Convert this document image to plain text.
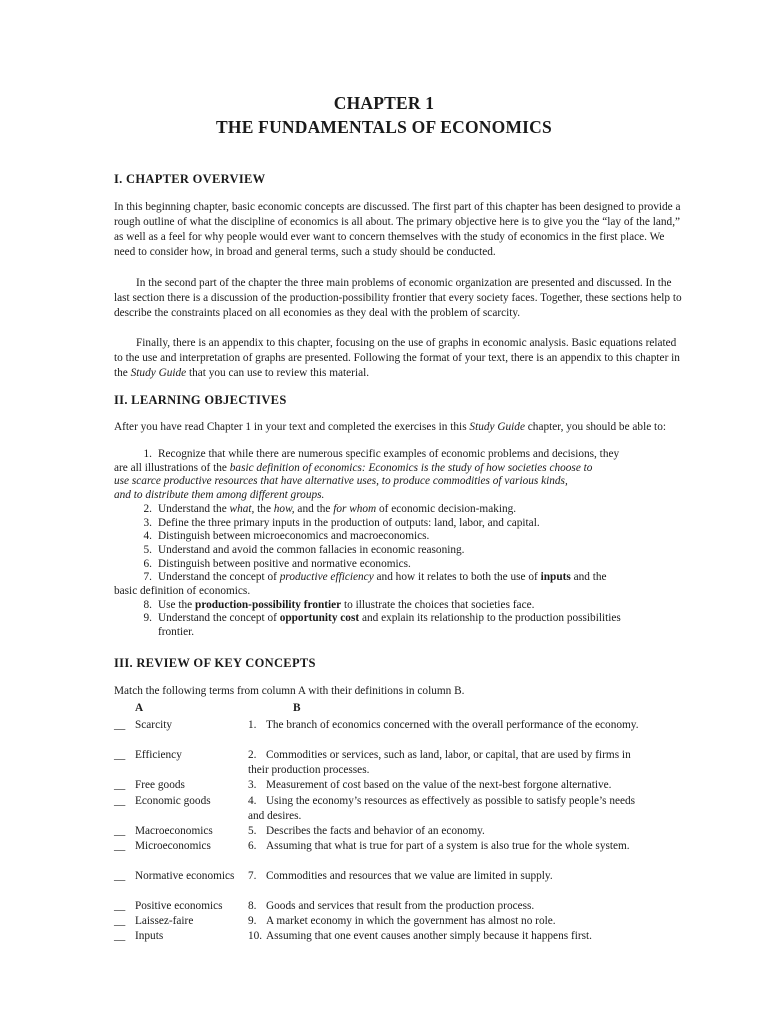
CHAPTER 1
THE FUNDAMENTALS OF ECONOMICS
I. CHAPTER OVERVIEW

In this beginning chapter, basic economic concepts are discussed. The first part of this chapter has been designed to provide a rough outline of what the discipline of economics is all about. The primary objective here is to give you the “lay of the land,” as well as a feel for why people would ever want to concern themselves with the study of economics in the first place. We need to consider how, in broad and general terms, such a study should be conducted.

In the second part of the chapter the three main problems of economic organization are presented and discussed. In the last section there is a discussion of the production-possibility frontier that every society faces. Together, these sections help to describe the constraints placed on all economies as they deal with the problem of scarcity.

Finally, there is an appendix to this chapter, focusing on the use of graphs in economic analysis. Basic equations related to the use and interpretation of graphs are presented. Following the format of your text, there is an appendix to this chapter in the Study Guide that you can use to review this material.

II. LEARNING OBJECTIVES

After you have read Chapter 1 in your text and completed the exercises in this Study Guide chapter, you should be able to:

1. Recognize that while there are numerous specific examples of economic problems and decisions, they
are all illustrations of the basic definition of economics: Economics is the study of how societies choose to
use scarce productive resources that have alternative uses, to produce commodities of various kinds,
and to distribute them among different groups.
2. Understand the what, the how, and the for whom of economic decision-making.
3. Define the three primary inputs in the production of outputs: land, labor, and capital.
4. Distinguish between microeconomics and macroeconomics.
5. Understand and avoid the common fallacies in economic reasoning.
6. Distinguish between positive and normative economics.
7. Understand the concept of productive efficiency and how it relates to both the use of inputs and the
basic definition of economics.
8. Use the production-possibility frontier to illustrate the choices that societies face.
9. Understand the concept of opportunity cost and explain its relationship to the production possibilities
frontier.
III. REVIEW OF KEY CONCEPTS

Match the following terms from column A with their definitions in column B.

A	B
__ Scarcity	1. The branch of economics concerned with the overall performance of the economy.
__ Efficiency	2. Commodities or services, such as land, labor, or capital, that are used by firms in their production processes.
__ Free goods	3. Measurement of cost based on the value of the next-best forgone alternative.
__ Economic goods	4. Using the economy’s resources as effectively as possible to satisfy people’s needs and desires.
__ Macroeconomics	5. Describes the facts and behavior of an economy.
__ Microeconomics	6. Assuming that what is true for part of a system is also true for the whole system.
__ Normative economics	7. Commodities and resources that we value are limited in supply.
__ Positive economics	8. Goods and services that result from the production process.
__ Laissez-faire	9. A market economy in which the government has almost no role.
__ Inputs	10. Assuming that one event causes another simply because it happens first.
